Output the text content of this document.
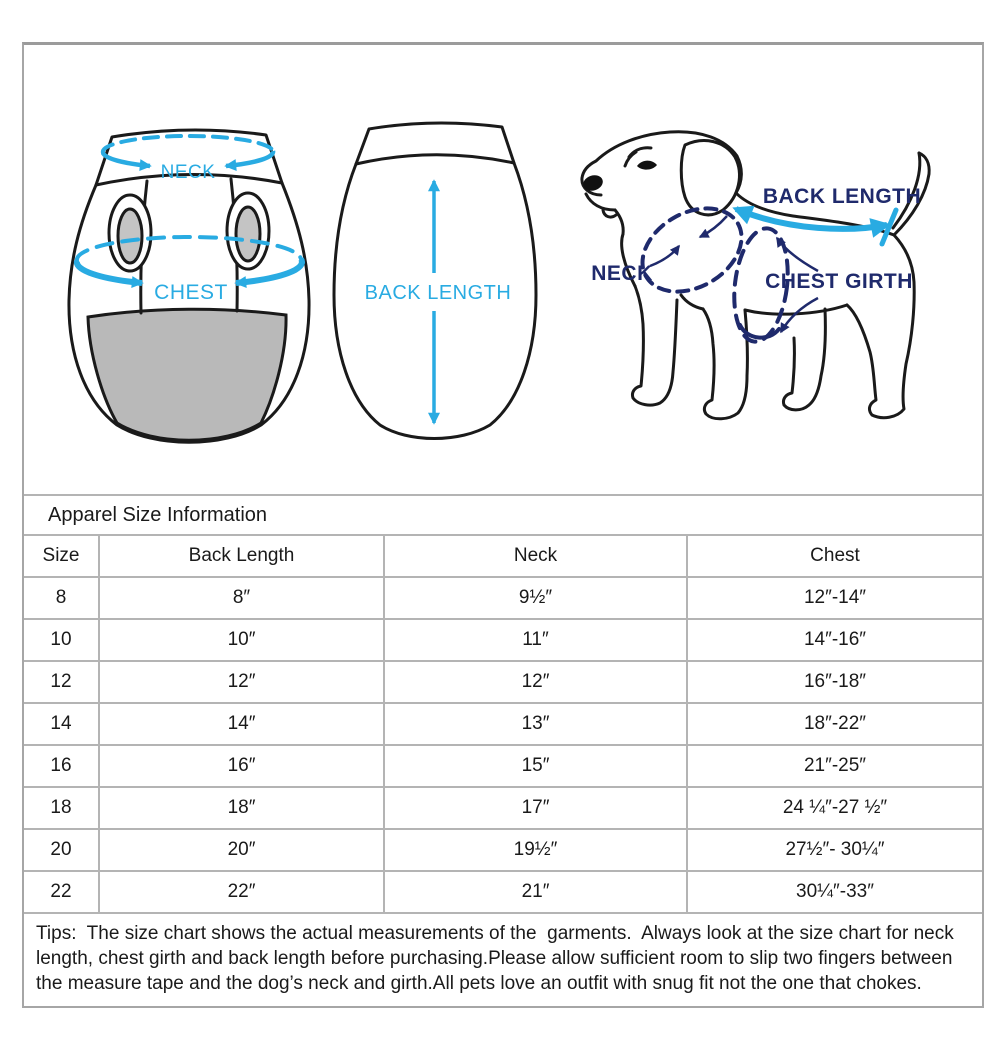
NECK
CHEST	BACK LENGTH
BACK LENGTH
NECK	CHEST GIRTH
Apparel Size Information
Size	Back Length	Neck	Chest
8	8″	9½″	12″-14″
10	10″	11″	14″-16″
12	12″	12″	16″-18″
14	14″	13″	18″-22″
16	16″	15″	21″-25″
18	18″	17″	24 ¼″-27 ½″
20	20″	19½″	27½″- 30¼″
22	22″	21″	30¼″-33″
Tips:  The size chart shows the actual measurements of the  garments.  Always look at the size chart for neck length, chest girth and back length before purchasing.Please allow sufficient room to slip two fingers between the measure tape and the dog’s neck and girth.All pets love an outfit with snug fit not the one that chokes.
